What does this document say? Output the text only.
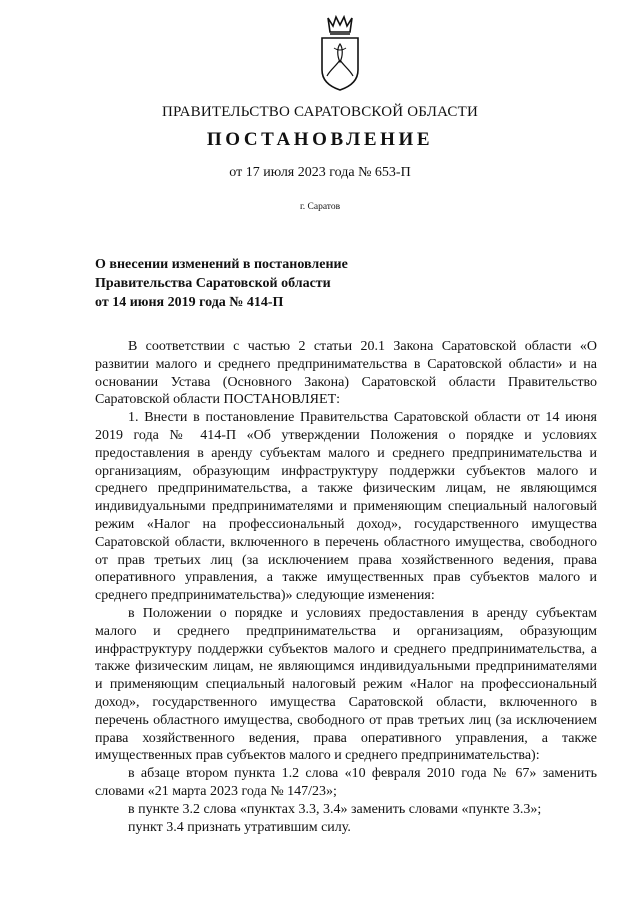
ПРАВИТЕЛЬСТВО САРАТОВСКОЙ ОБЛАСТИ
ПОСТАНОВЛЕНИЕ
от 17 июля 2023 года № 653-П
г. Саратов
О внесении изменений в постановление
Правительства Саратовской области
от 14 июня 2019 года № 414-П

В соответствии с частью 2 статьи 20.1 Закона Саратовской области «О развитии малого и среднего предпринимательства в Саратовской области» и на основании Устава (Основного Закона) Саратовской области Правительство Саратовской области ПОСТАНОВЛЯЕТ:

1. Внести в постановление Правительства Саратовской области от 14 июня 2019 года № 414-П «Об утверждении Положения о порядке и условиях предоставления в аренду субъектам малого и среднего предпринимательства и организациям, образующим инфраструктуру поддержки субъектов малого и среднего предпринимательства, а также физическим лицам, не являющимся индивидуальными предпринимателями и применяющим специальный налоговый режим «Налог на профессиональный доход», государственного имущества Саратовской области, включенного в перечень областного имущества, свободного от прав третьих лиц (за исключением права хозяйственного ведения, права оперативного управления, а также имущественных прав субъектов малого и среднего предпринимательства)» следующие изменения:

в Положении о порядке и условиях предоставления в аренду субъектам малого и среднего предпринимательства и организациям, образующим инфраструктуру поддержки субъектов малого и среднего предпринимательства, а также физическим лицам, не являющимся индивидуальными предпринимателями и применяющим специальный налоговый режим «Налог на профессиональный доход», государственного имущества Саратовской области, включенного в перечень областного имущества, свободного от прав третьих лиц (за исключением права хозяйственного ведения, права оперативного управления, а также имущественных прав субъектов малого и среднего предпринимательства):

в абзаце втором пункта 1.2 слова «10 февраля 2010 года № 67» заменить словами «21 марта 2023 года № 147/23»;

в пункте 3.2 слова «пунктах 3.3, 3.4» заменить словами «пункте 3.3»;

пункт 3.4 признать утратившим силу.
